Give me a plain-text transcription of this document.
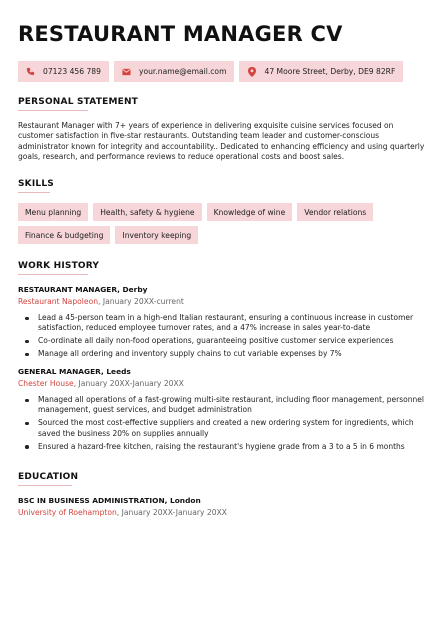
RESTAURANT MANAGER CV
07123 456 789	your.name@email.com	47 Moore Street, Derby, DE9 82RF
PERSONAL STATEMENT
Restaurant Manager with 7+ years of experience in delivering exquisite cuisine services focused on customer satisfaction in five-star restaurants. Outstanding team leader and customer-conscious administrator known for integrity and accountability.. Dedicated to enhancing efficiency and using quarterly goals, research, and performance reviews to reduce operational costs and boost sales.
SKILLS
Menu planning	Health, safety & hygiene	Knowledge of wine	Vendor relations
Finance & budgeting	Inventory keeping
WORK HISTORY
RESTAURANT MANAGER, Derby
Restaurant Napoleon, January 20XX-current
Lead a 45-person team in a high-end Italian restaurant, ensuring a continuous increase in customer satisfaction, reduced employee turnover rates, and a 47% increase in sales year-to-date
Co-ordinate all daily non-food operations, guaranteeing positive customer service experiences
Manage all ordering and inventory supply chains to cut variable expenses by 7%
GENERAL MANAGER, Leeds
Chester House, January 20XX-January 20XX
Managed all operations of a fast-growing multi-site restaurant, including floor management, personnel management, guest services, and budget administration
Sourced the most cost-effective suppliers and created a new ordering system for ingredients, which saved the business 20% on supplies annually
Ensured a hazard-free kitchen, raising the restaurant's hygiene grade from a 3 to a 5 in 6 months
EDUCATION
BSC IN BUSINESS ADMINISTRATION, London
University of Roehampton, January 20XX-January 20XX
